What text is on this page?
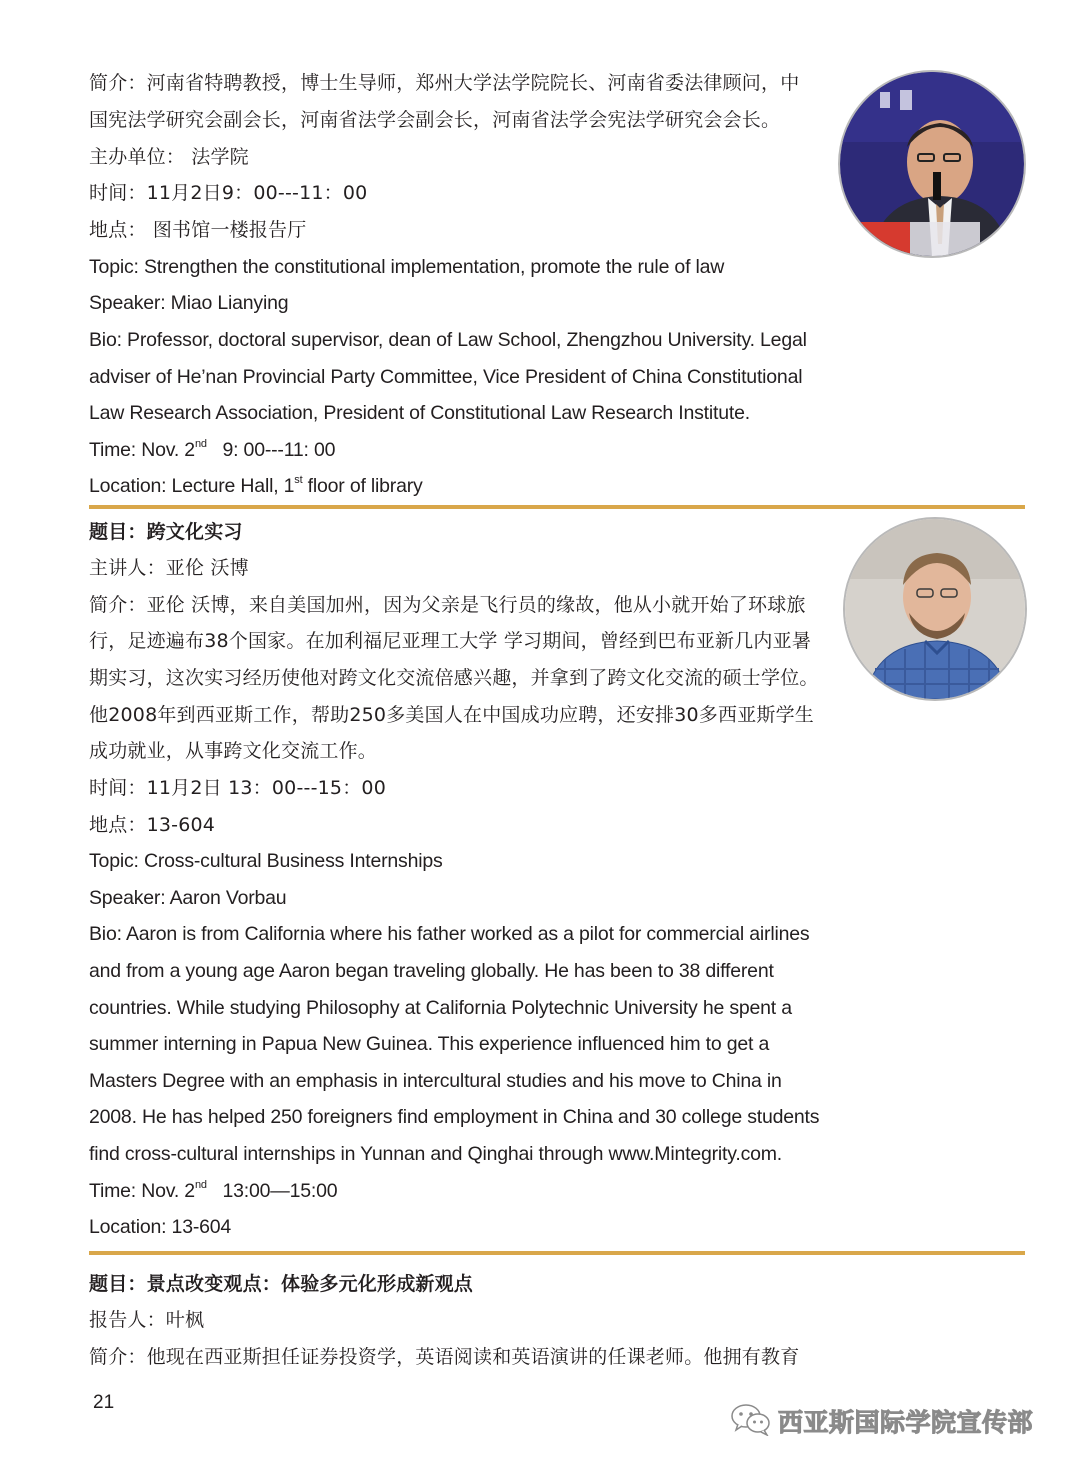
简介：河南省特聘教授，博士生导师，郑州大学法学院院长、河南省委法律顾问，中

国宪法学研究会副会长，河南省法学会副会长，河南省法学会宪法学研究会会长。

主办单位： 法学院

时间：11月2日9：00---11：00

地点： 图书馆一楼报告厅

Topic: Strengthen the constitutional implementation, promote the rule of law

Speaker: Miao Lianying

Bio: Professor, doctoral supervisor, dean of Law School, Zhengzhou University. Legal

adviser of He’nan Provincial Party Committee, Vice President of China Constitutional

Law Research Association, President of Constitutional Law Research Institute.

Time: Nov. 2nd   9: 00---11: 00

Location: Lecture Hall, 1st floor of library

题目：跨文化实习

主讲人：亚伦 沃博

简介：亚伦 沃博，来自美国加州，因为父亲是飞行员的缘故，他从小就开始了环球旅

行，足迹遍布38个国家。在加利福尼亚理工大学 学习期间，曾经到巴布亚新几内亚暑

期实习，这次实习经历使他对跨文化交流倍感兴趣，并拿到了跨文化交流的硕士学位。

他2008年到西亚斯工作，帮助250多美国人在中国成功应聘，还安排30多西亚斯学生

成功就业，从事跨文化交流工作。

时间：11月2日 13：00---15：00

地点：13-604

Topic: Cross-cultural Business Internships

Speaker: Aaron Vorbau

Bio: Aaron is from California where his father worked as a pilot for commercial airlines

and from a young age Aaron began traveling globally. He has been to 38 different

countries. While studying Philosophy at California Polytechnic University he spent a

summer interning in Papua New Guinea. This experience influenced him to get a

Masters Degree with an emphasis in intercultural studies and his move to China in

2008. He has helped 250 foreigners find employment in China and 30 college students

find cross-cultural internships in Yunnan and Qinghai through www.Mintegrity.com.

Time: Nov. 2nd   13:00—15:00

Location: 13-604

题目：景点改变观点：体验多元化形成新观点

报告人：叶枫

简介：他现在西亚斯担任证券投资学，英语阅读和英语演讲的任课老师。他拥有教育

21
西亚斯国际学院宣传部
